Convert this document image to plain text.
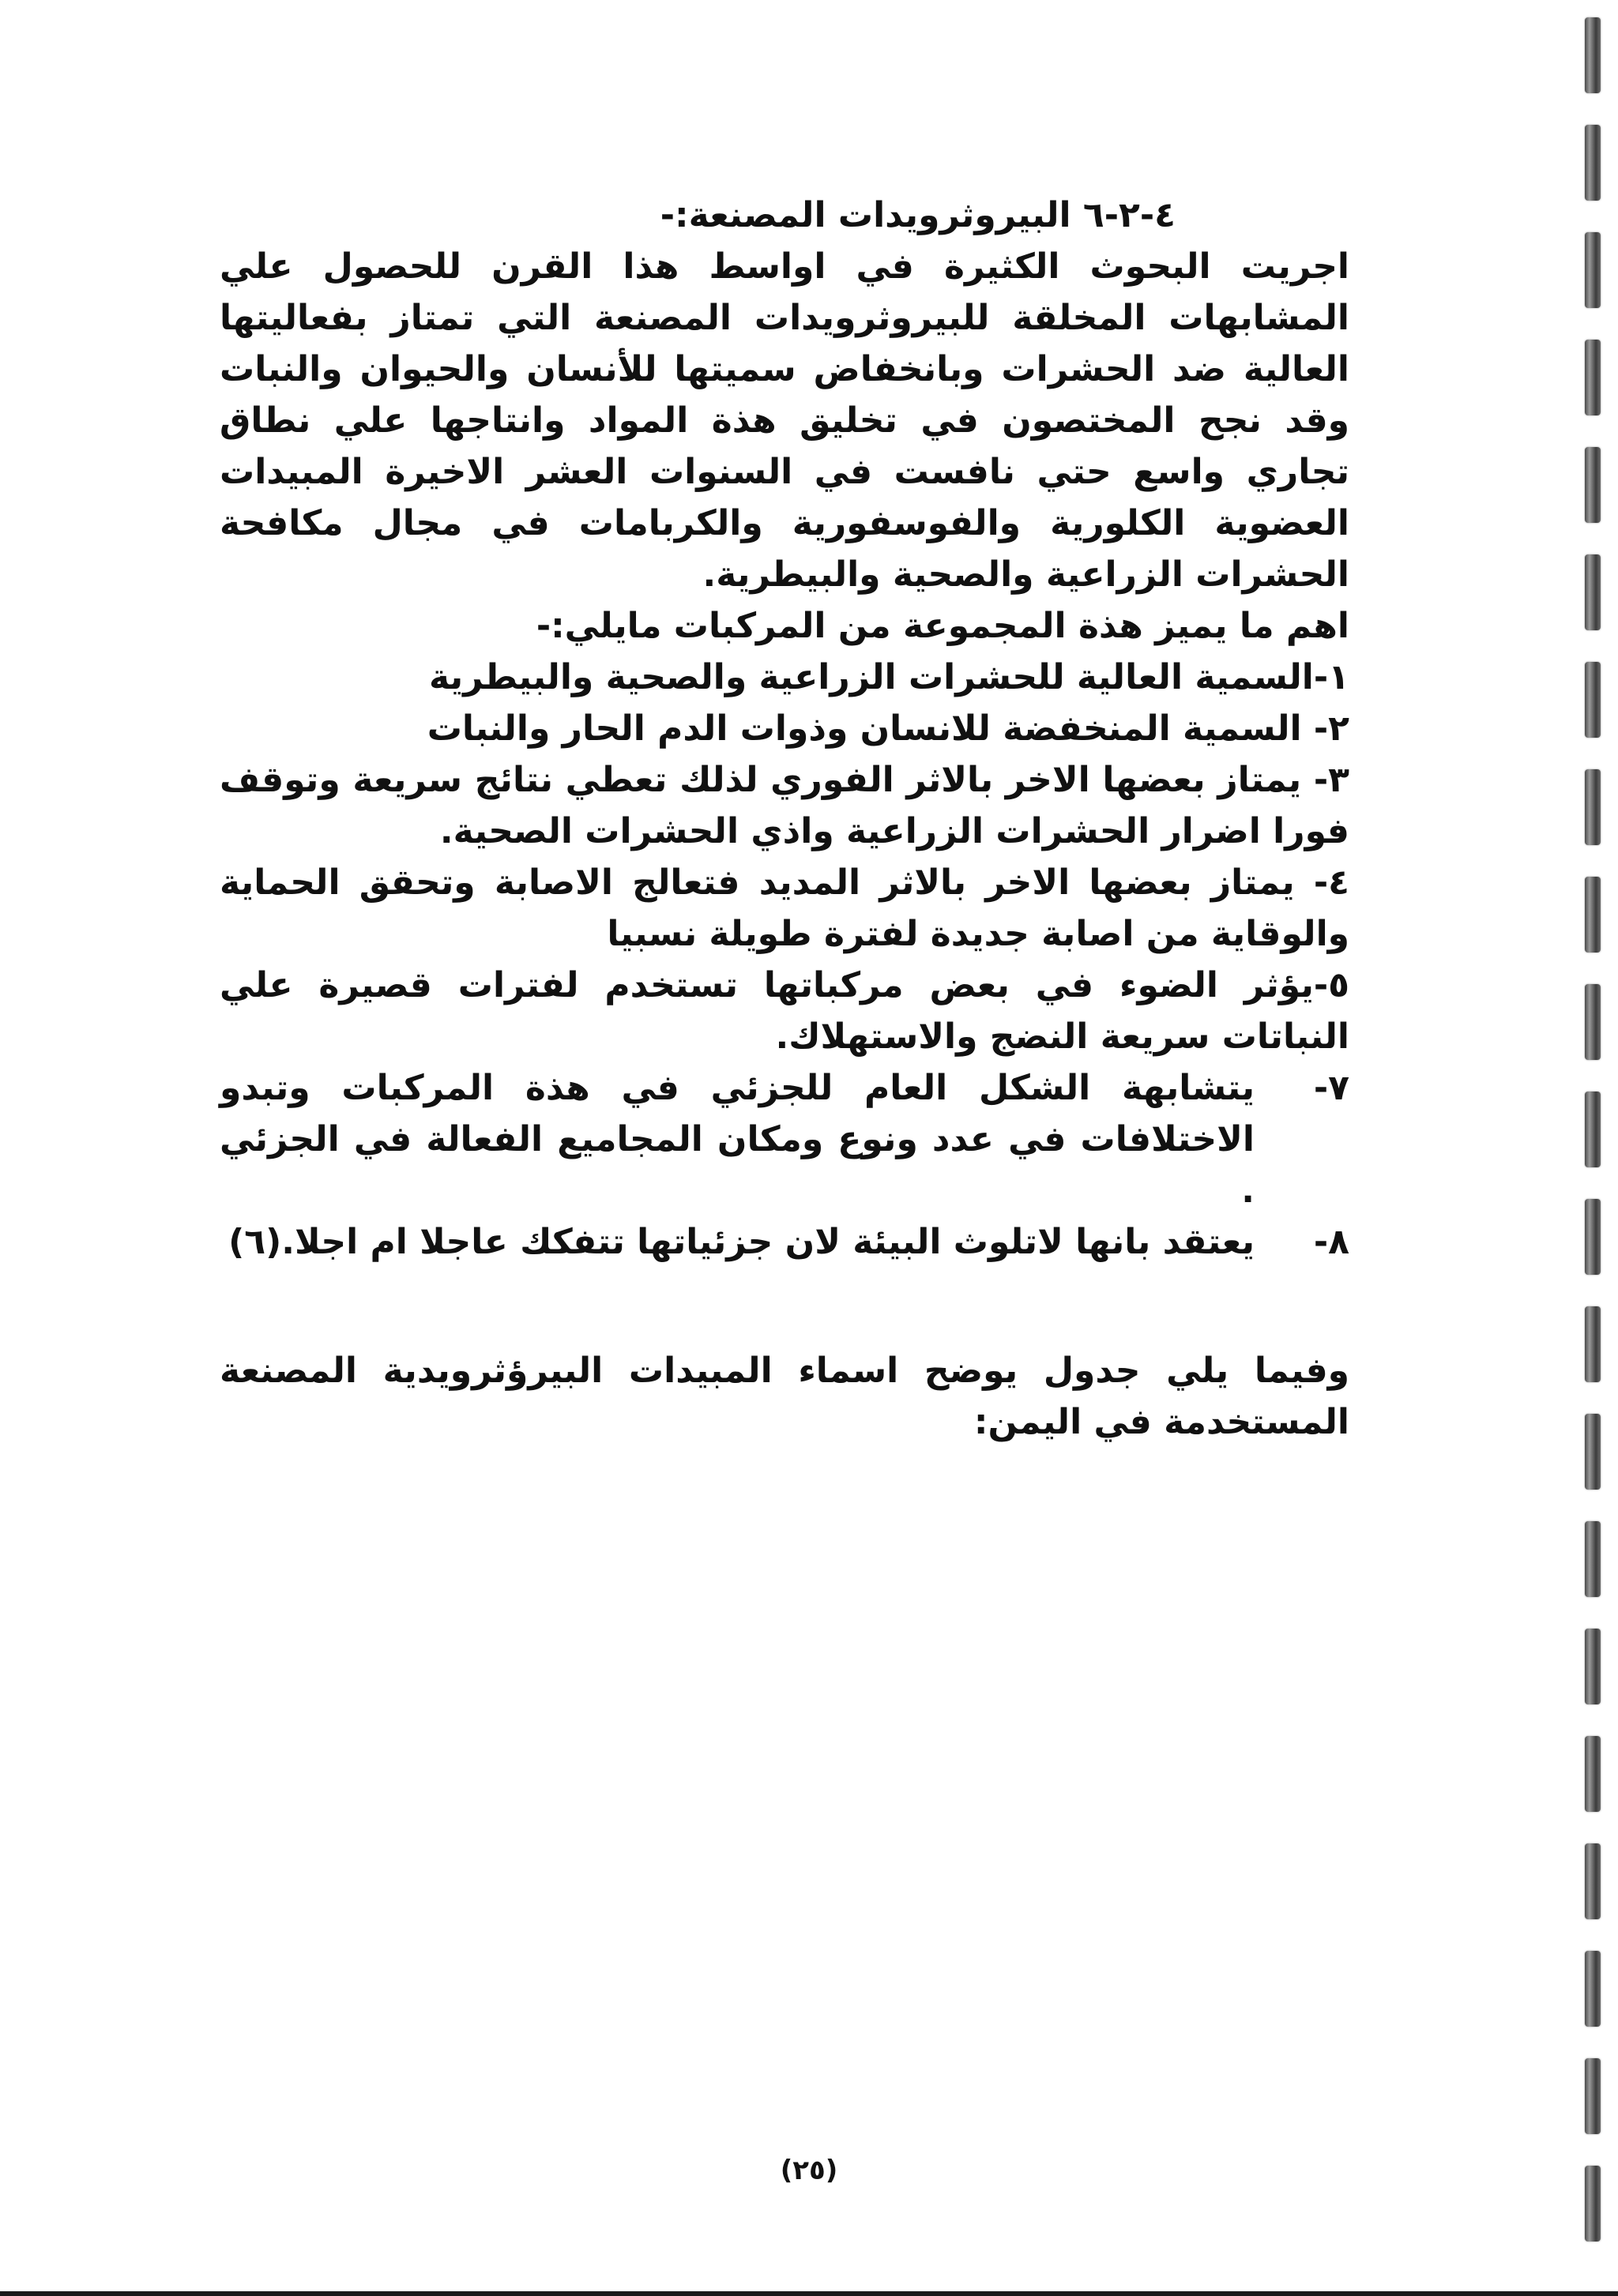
٤-٢-٦ البيروثرويدات المصنعة:-

اجريت البحوث الكثيرة في اواسط هذا القرن للحصول علي المشابهات المخلقة للبيروثرويدات المصنعة التي تمتاز بفعاليتها العالية ضد الحشرات وبانخفاض سميتها للأنسان والحيوان والنبات وقد نجح المختصون في تخليق هذة المواد وانتاجها علي نطاق تجاري واسع حتي نافست في السنوات العشر الاخيرة المبيدات العضوية الكلورية والفوسفورية والكربامات في مجال مكافحة الحشرات الزراعية والصحية والبيطرية.

اهم ما يميز هذة المجموعة من المركبات مايلي:-

١-السمية العالية للحشرات الزراعية والصحية والبيطرية

٢- السمية المنخفضة للانسان وذوات الدم الحار والنبات

٣- يمتاز بعضها الاخر بالاثر الفوري لذلك تعطي نتائج سريعة وتوقف فورا اضرار الحشرات الزراعية واذي الحشرات الصحية.

٤- يمتاز بعضها الاخر بالاثر المديد فتعالج الاصابة وتحقق الحماية والوقاية من اصابة جديدة لفترة طويلة نسبيا

٥-يؤثر الضوء في بعض مركباتها تستخدم لفترات قصيرة علي النباتات سريعة النضج والاستهلاك.

٧-
يتشابهة الشكل العام للجزئي في هذة المركبات وتبدو الاختلافات في عدد ونوع ومكان المجاميع الفعالة في الجزئي .
٨-
يعتقد بانها لاتلوث البيئة لان جزئياتها تتفكك عاجلا ام اجلا.(٦)

وفيما يلي جدول يوضح اسماء المبيدات البيرؤثرويدية المصنعة المستخدمة في اليمن:

(٢٥)
